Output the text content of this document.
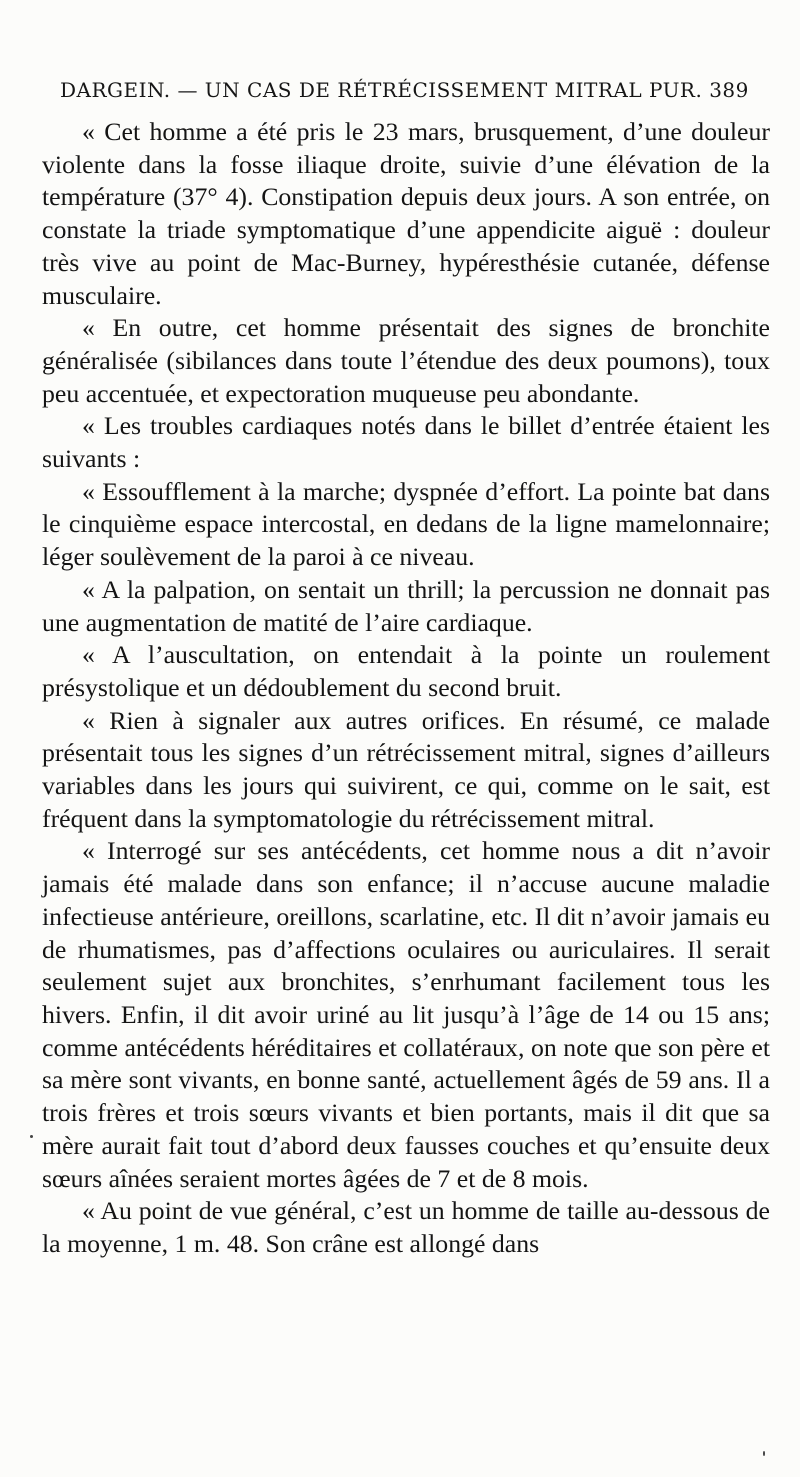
DARGEIN. — UN CAS DE RÉTRÉCISSEMENT MITRAL PUR. 389

« Cet homme a été pris le 23 mars, brusquement, d’une douleur violente dans la fosse iliaque droite, suivie d’une élévation de la température (37° 4). Constipation depuis deux jours. A son entrée, on constate la triade symptomatique d’une appendicite aiguë : douleur très vive au point de Mac-Burney, hypéresthésie cutanée, défense musculaire.

« En outre, cet homme présentait des signes de bronchite généralisée (sibilances dans toute l’étendue des deux poumons), toux peu accentuée, et expectoration muqueuse peu abondante.

« Les troubles cardiaques notés dans le billet d’entrée étaient les suivants :

« Essoufflement à la marche; dyspnée d’effort. La pointe bat dans le cinquième espace intercostal, en dedans de la ligne mamelonnaire; léger soulèvement de la paroi à ce niveau.

« A la palpation, on sentait un thrill; la percussion ne donnait pas une augmentation de matité de l’aire cardiaque.

« A l’auscultation, on entendait à la pointe un roulement présystolique et un dédoublement du second bruit.

« Rien à signaler aux autres orifices. En résumé, ce malade présentait tous les signes d’un rétrécissement mitral, signes d’ailleurs variables dans les jours qui suivirent, ce qui, comme on le sait, est fréquent dans la symptomatologie du rétrécissement mitral.

« Interrogé sur ses antécédents, cet homme nous a dit n’avoir jamais été malade dans son enfance; il n’accuse aucune maladie infectieuse antérieure, oreillons, scarlatine, etc. Il dit n’avoir jamais eu de rhumatismes, pas d’affections oculaires ou auriculaires. Il serait seulement sujet aux bronchites, s’enrhumant facilement tous les hivers. Enfin, il dit avoir uriné au lit jusqu’à l’âge de 14 ou 15 ans; comme antécédents héréditaires et collatéraux, on note que son père et sa mère sont vivants, en bonne santé, actuellement âgés de 59 ans. Il a trois frères et trois sœurs vivants et bien portants, mais il dit que sa mère aurait fait tout d’abord deux fausses couches et qu’ensuite deux sœurs aînées seraient mortes âgées de 7 et de 8 mois.

« Au point de vue général, c’est un homme de taille au-dessous de la moyenne, 1 m. 48. Son crâne est allongé dans
